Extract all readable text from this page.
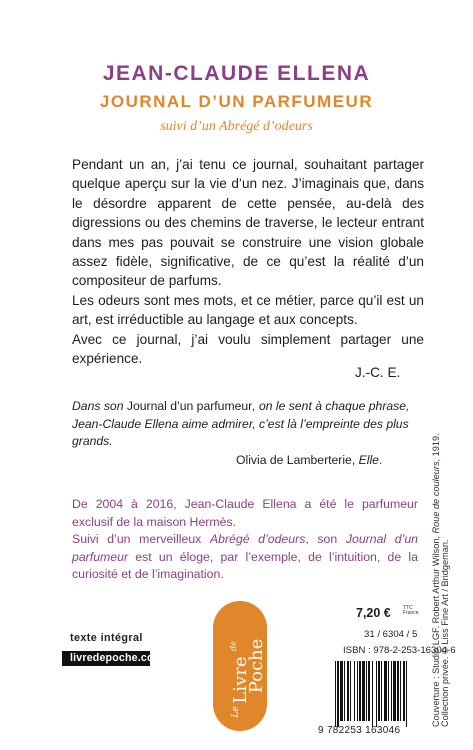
JEAN-CLAUDE ELLENA
JOURNAL D’UN PARFUMEUR
suivi d’un Abrégé d’odeurs

Pendant un an, j’ai tenu ce journal, souhaitant partager quelque aperçu sur la vie d’un nez. J’imaginais que, dans le désordre apparent de cette pensée, au-delà des digressions ou des chemins de traverse, le lecteur entrant dans mes pas pouvait se construire une vision globale assez fidèle, significative, de ce qu’est la réalité d’un compositeur de parfums.

Les odeurs sont mes mots, et ce métier, parce qu’il est un art, est irréductible au langage et aux concepts.

Avec ce journal, j’ai voulu simplement partager une expérience.

J.-C. E.
Dans son Journal d’un parfumeur, on le sent à chaque phrase, Jean-Claude Ellena aime admirer, c’est là l’empreinte des plus grands.
Olivia de Lamberterie, Elle.

De 2004 à 2016, Jean-Claude Ellena a été le parfumeur exclusif de la maison Hermès.

Suivi d’un merveilleux Abrégé d’odeurs, son Journal d’un parfumeur est un éloge, par l’exemple, de l’intuition, de la curiosité et de l’imagination.	Couverture : Studio LGF. Robert Arthur Wilson, Roue de couleurs, 1919.
Collection privée. © Liss Fine Art / Bridgeman.
texte intégral
livredepoche.com
Le
Livre
de Poche
7,20 € TTC
France
31 / 6304 / 5
ISBN : 978-2-253-16304-6
9 782253 163046
